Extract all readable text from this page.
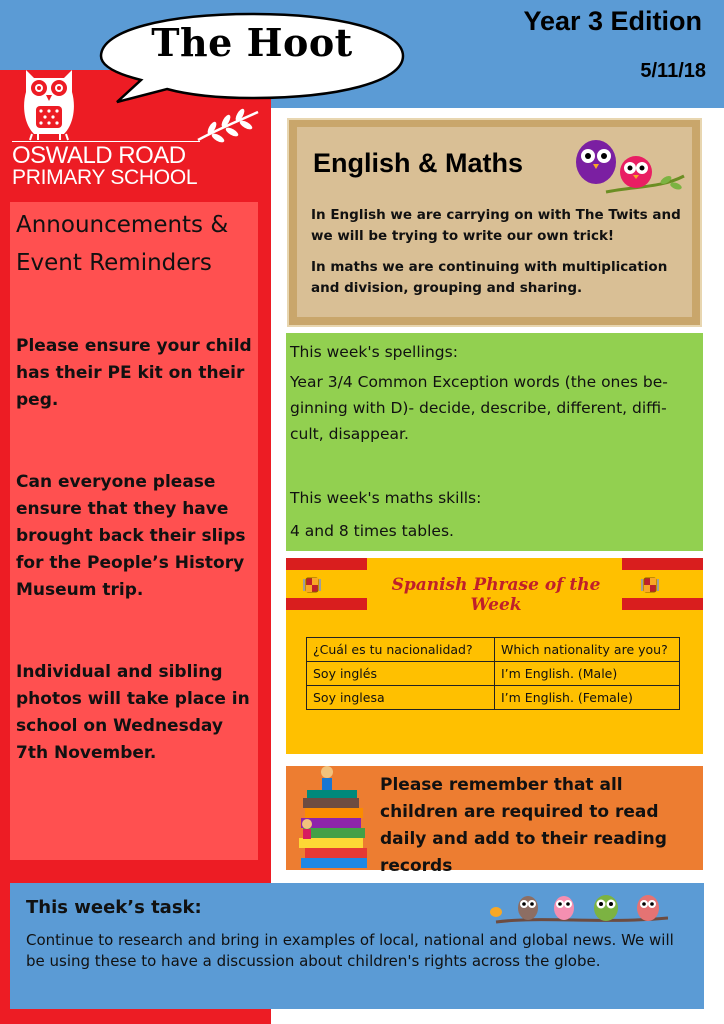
The Hoot	Year 3 Edition
5/11/18
OSWALD ROAD
PRIMARY SCHOOL
Announcements &
Event Reminders
Please ensure your child has their PE kit on their peg.
Can everyone please ensure that they have brought back their slips for the People’s History Museum trip.
Individual and sibling photos will take place in school on Wednesday 7th November.
English & Maths
In English we are carrying on with The Twits and we will be trying to write our own trick!
In maths we are continuing with multiplication and division, grouping and sharing.
This week's spellings:
Year 3/4 Common Exception words (the ones be-ginning with D)- decide, describe, different, diffi-cult, disappear.
This week's maths skills:
4 and 8 times tables.
Spanish Phrase of the Week
¿Cuál es tu nacionalidad?	Which nationality are you?
Soy inglés	I’m English. (Male)
Soy inglesa	I’m English. (Female)
Please remember that all children are required to read daily and add to their reading records
This week’s task:
Continue to research and bring in examples of local, national and global news. We will be using these to have a discussion about children's rights across the globe.
